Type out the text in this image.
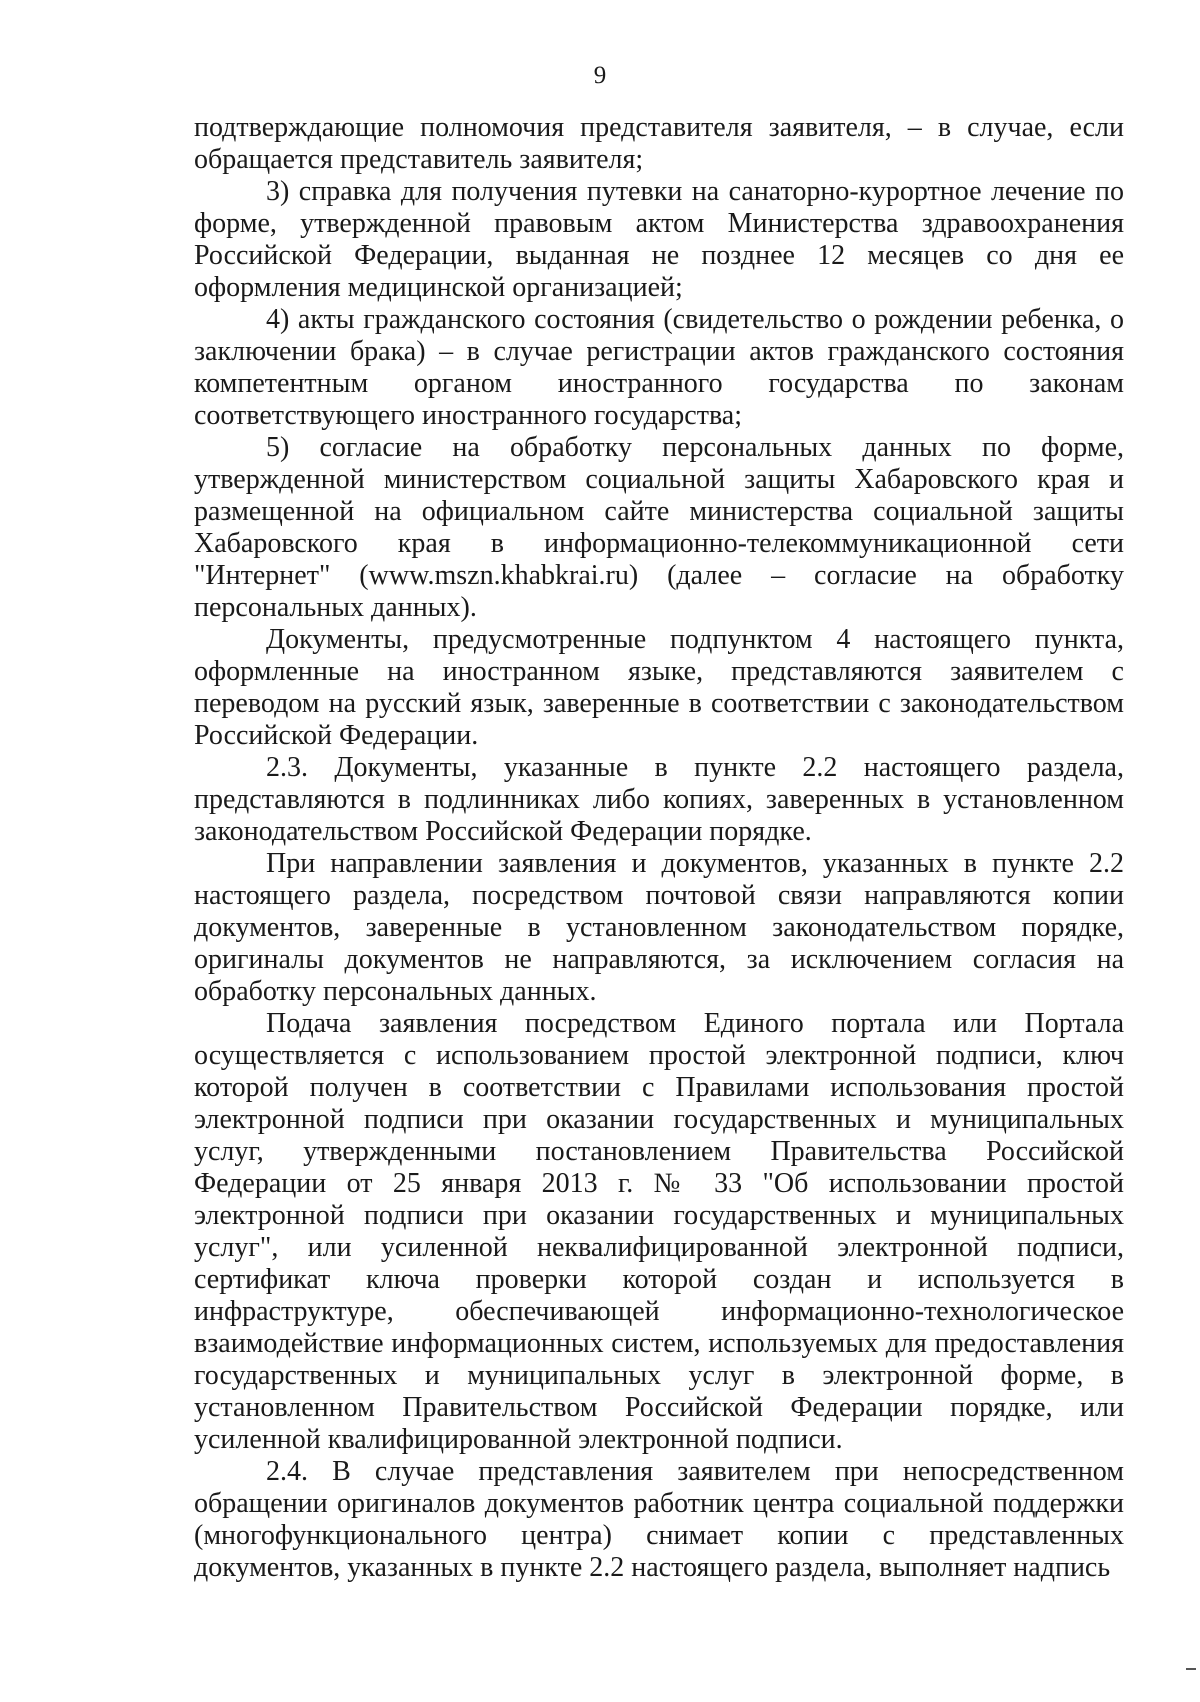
9

подтверждающие полномочия представителя заявителя, – в случае, если обращается представитель заявителя;

3) справка для получения путевки на санаторно-курортное лечение по форме, утвержденной правовым актом Министерства здравоохранения Российской Федерации, выданная не позднее 12 месяцев со дня ее оформления медицинской организацией;

4) акты гражданского состояния (свидетельство о рождении ребенка, о заключении брака) – в случае регистрации актов гражданского состояния компетентным органом иностранного государства по законам соответствующего иностранного государства;

5) согласие на обработку персональных данных по форме, утвержденной министерством социальной защиты Хабаровского края и размещенной на официальном сайте министерства социальной защиты Хабаровского края в информационно-телекоммуникационной сети "Интернет" (www.mszn.khabkrai.ru) (далее – согласие на обработку персональных данных).

Документы, предусмотренные подпунктом 4 настоящего пункта, оформленные на иностранном языке, представляются заявителем с переводом на русский язык, заверенные в соответствии с законодательством Российской Федерации.

2.3. Документы, указанные в пункте 2.2 настоящего раздела, представляются в подлинниках либо копиях, заверенных в установленном законодательством Российской Федерации порядке.

При направлении заявления и документов, указанных в пункте 2.2 настоящего раздела, посредством почтовой связи направляются копии документов, заверенные в установленном законодательством порядке, оригиналы документов не направляются, за исключением согласия на обработку персональных данных.

Подача заявления посредством Единого портала или Портала осуществляется с использованием простой электронной подписи, ключ которой получен в соответствии с Правилами использования простой электронной подписи при оказании государственных и муниципальных услуг, утвержденными постановлением Правительства Российской Федерации от 25 января 2013 г. № 33 "Об использовании простой электронной подписи при оказании государственных и муниципальных услуг", или усиленной неквалифицированной электронной подписи, сертификат ключа проверки которой создан и используется в инфраструктуре, обеспечивающей информационно-технологическое взаимодействие информационных систем, используемых для предоставления государственных и муниципальных услуг в электронной форме, в установленном Правительством Российской Федерации порядке, или усиленной квалифицированной электронной подписи.

2.4. В случае представления заявителем при непосредственном обращении оригиналов документов работник центра социальной поддержки (многофункционального центра) снимает копии с представленных документов, указанных в пункте 2.2 настоящего раздела, выполняет надпись
